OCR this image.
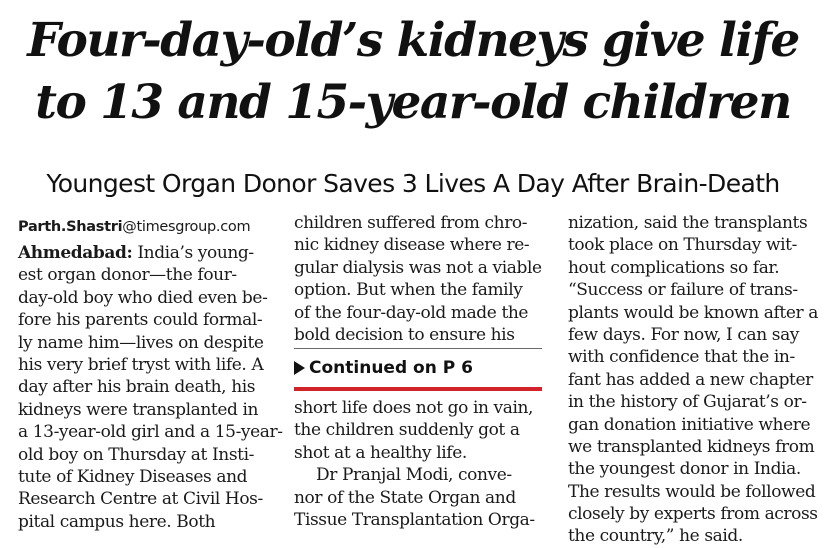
Four-day-old’s kidneys give life
to 13 and 15-year-old children
Youngest Organ Donor Saves 3 Lives A Day After Brain-Death
Parth.Shastri@timesgroup.com
Ahmedabad: India’s young-
est organ donor—the four-
day-old boy who died even be-
fore his parents could formal-
ly name him—lives on despite
his very brief tryst with life. A
day after his brain death, his
kidneys were transplanted in
a 13-year-old girl and a 15-year-
old boy on Thursday at Insti-
tute of Kidney Diseases and
Research Centre at Civil Hos-
pital campus here. Both
children suffered from chro-
nic kidney disease where re-
gular dialysis was not a viable
option. But when the family
of the four-day-old made the
bold decision to ensure his
Continued on P 6
short life does not go in vain,
the children suddenly got a
shot at a healthy life.
Dr Pranjal Modi, conve-
nor of the State Organ and
Tissue Transplantation Orga-
nization, said the transplants
took place on Thursday wit-
hout complications so far.
“Success or failure of trans-
plants would be known after a
few days. For now, I can say
with confidence that the in-
fant has added a new chapter
in the history of Gujarat’s or-
gan donation initiative where
we transplanted kidneys from
the youngest donor in India.
The results would be followed
closely by experts from across
the country,” he said.
